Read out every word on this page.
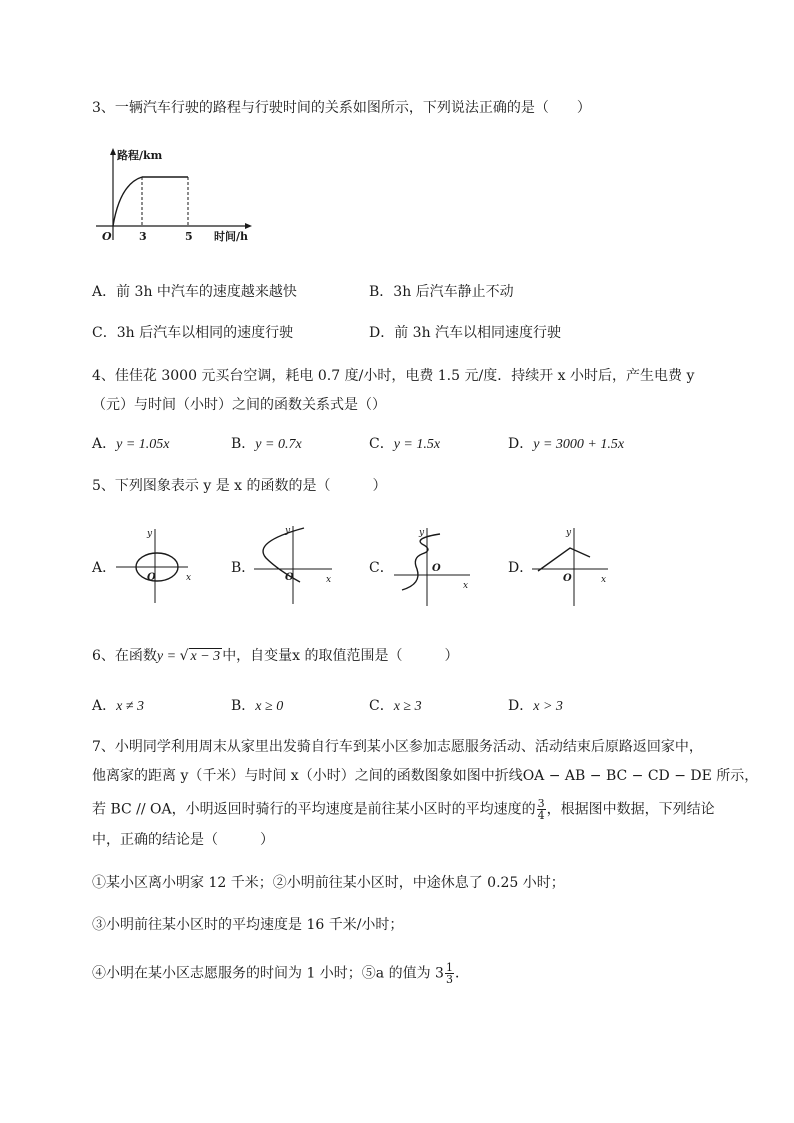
3、一辆汽车行驶的路程与行驶时间的关系如图所示，下列说法正确的是（　　）
路程/km
时间/h
O 3	5
A．前 3h 中汽车的速度越来越快	B．3h 后汽车静止不动
C．3h 后汽车以相同的速度行驶	D．前 3h 汽车以相同速度行驶
4、佳佳花 3000 元买台空调，耗电 0.7 度/小时，电费 1.5 元/度．持续开 x 小时后，产生电费 y
（元）与时间（小时）之间的函数关系式是（）
A．y = 1.05x	B．y = 0.7x	C．y = 1.5x	D．y = 3000 + 1.5x
5、下列图象表示 y 是 x 的函数的是（　　　）
A．
x
y
O
B．
x
y
O
C．
x
y
O	D．
x
y
O
6、在函数y = √ x − 3 中，自变量x 的取值范围是（　　　）
A．x ≠ 3	B．x ≥ 0	C．x ≥ 3	D．x > 3
7、小明同学利用周末从家里出发骑自行车到某小区参加志愿服务活动、活动结束后原路返回家中，
他离家的距离 y（千米）与时间 x（小时）之间的函数图象如图中折线OA − AB − BC − CD − DE 所示，
若 BC // OA，小明返回时骑行的平均速度是前往某小区时的平均速度的 $\frac{3}{4}$ ，根据图中数据，下列结论
中，正确的结论是（　　　）
①某小区离小明家 12 千米；②小明前往某小区时，中途休息了 0.25 小时；
③小明前往某小区时的平均速度是 16 千米/小时；
④小明在某小区志愿服务的时间为 1 小时；⑤a 的值为 $3 \frac{1}{3}$ ．
